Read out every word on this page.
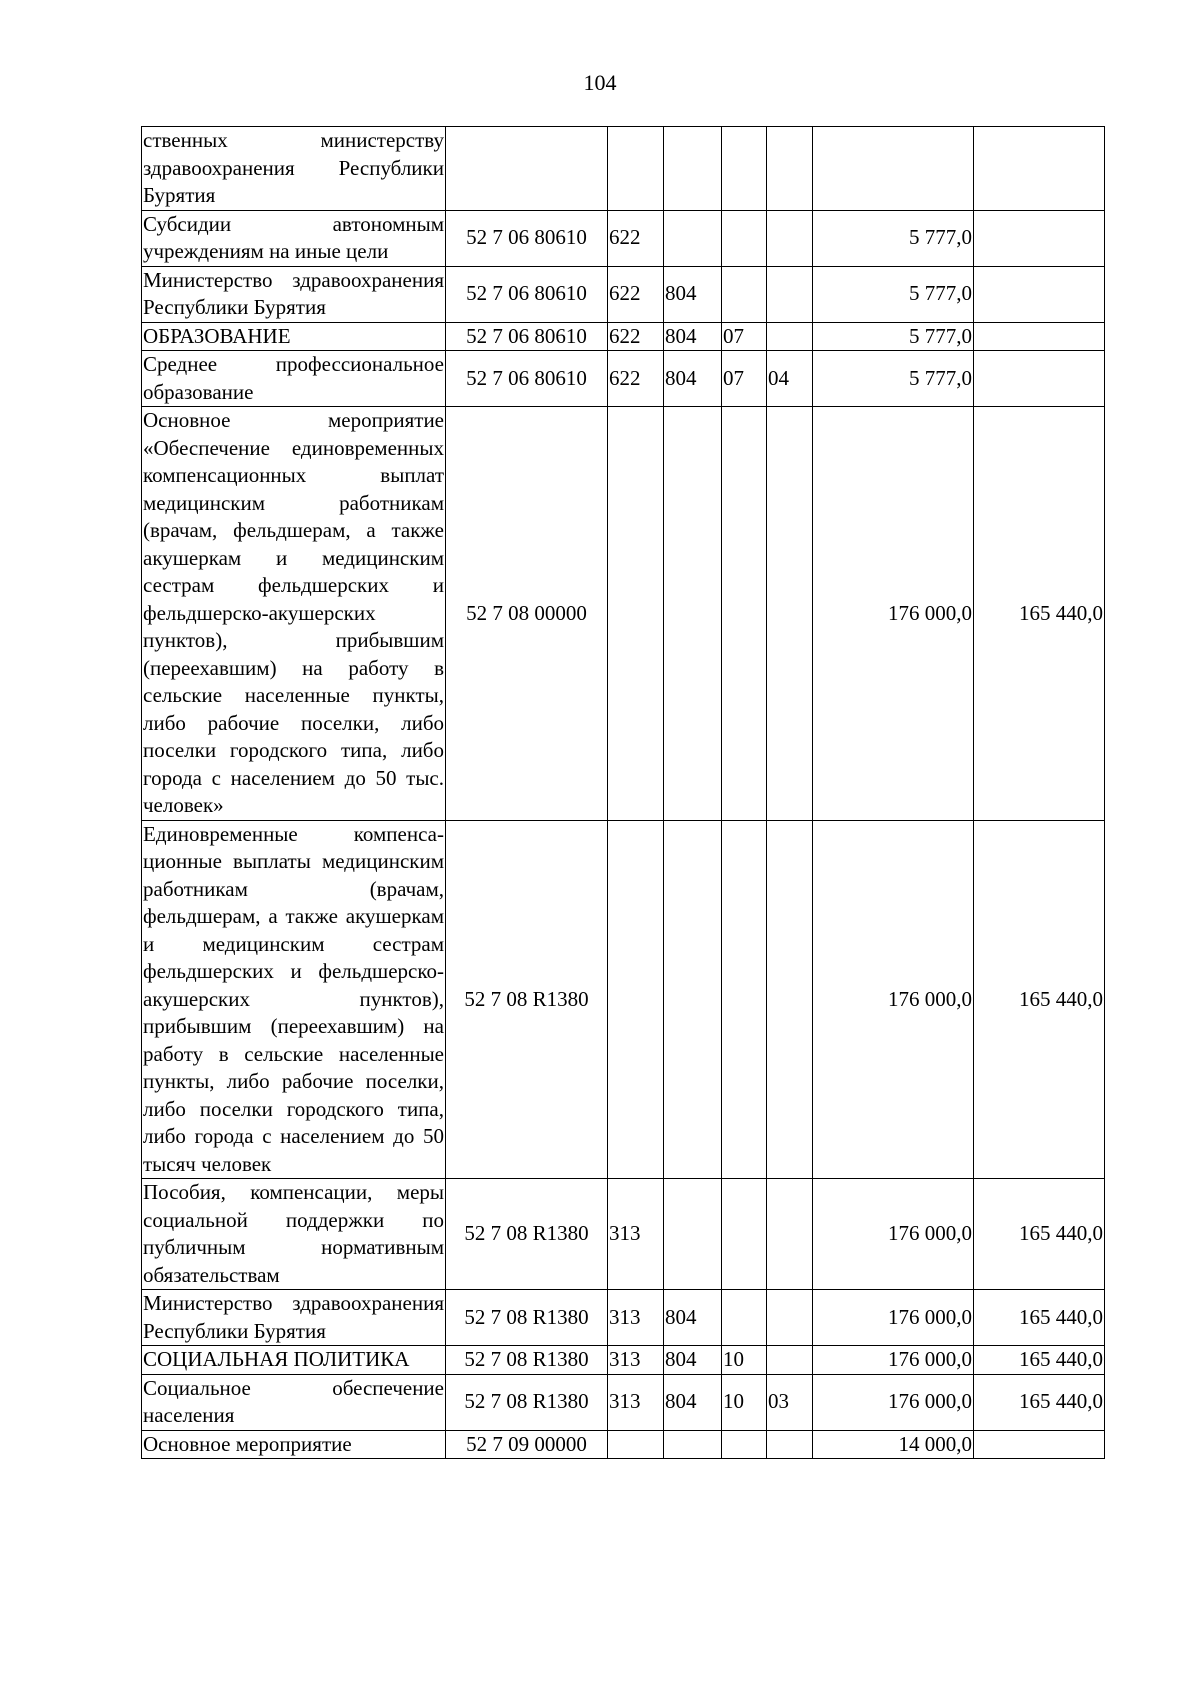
104
ственных министерству здравоохранения Республики Бурятия							
Субсидии автономным учреждениям на иные цели	52 7 06 80610	622				5 777,0	
Министерство здравоохранения Республики Бурятия	52 7 06 80610	622	804			5 777,0	
ОБРАЗОВАНИЕ	52 7 06 80610	622	804	07		5 777,0	
Среднее профессиональное образование	52 7 06 80610	622	804	07	04	5 777,0	
Основное мероприятие «Обеспечение единовременных компенсационных выплат медицинским работникам (врачам, фельдшерам, а также акушеркам и медицинским сестрам фельдшерских и фельдшерско-акушерских пунктов), прибывшим (переехавшим) на работу в сельские населенные пункты, либо рабочие поселки, либо поселки городского типа, либо города с населением до 50 тыс. человек»	52 7 08 00000					176 000,0	165 440,0
Единовременные компенсационные выплаты медицинским работникам (врачам, фельдшерам, а также акушеркам и медицинским сестрам фельдшерских и фельдшерско-акушерских пунктов), прибывшим (переехавшим) на работу в сельские населенные пункты, либо рабочие поселки, либо поселки городского типа, либо города с населением до 50 тысяч человек	52 7 08 R1380					176 000,0	165 440,0
Пособия, компенсации, меры социальной поддержки по публичным нормативным обязательствам	52 7 08 R1380	313				176 000,0	165 440,0
Министерство здравоохранения Республики Бурятия	52 7 08 R1380	313	804			176 000,0	165 440,0
СОЦИАЛЬНАЯ ПОЛИТИКА	52 7 08 R1380	313	804	10		176 000,0	165 440,0
Социальное обеспечение населения	52 7 08 R1380	313	804	10	03	176 000,0	165 440,0
Основное мероприятие	52 7 09 00000					14 000,0	
